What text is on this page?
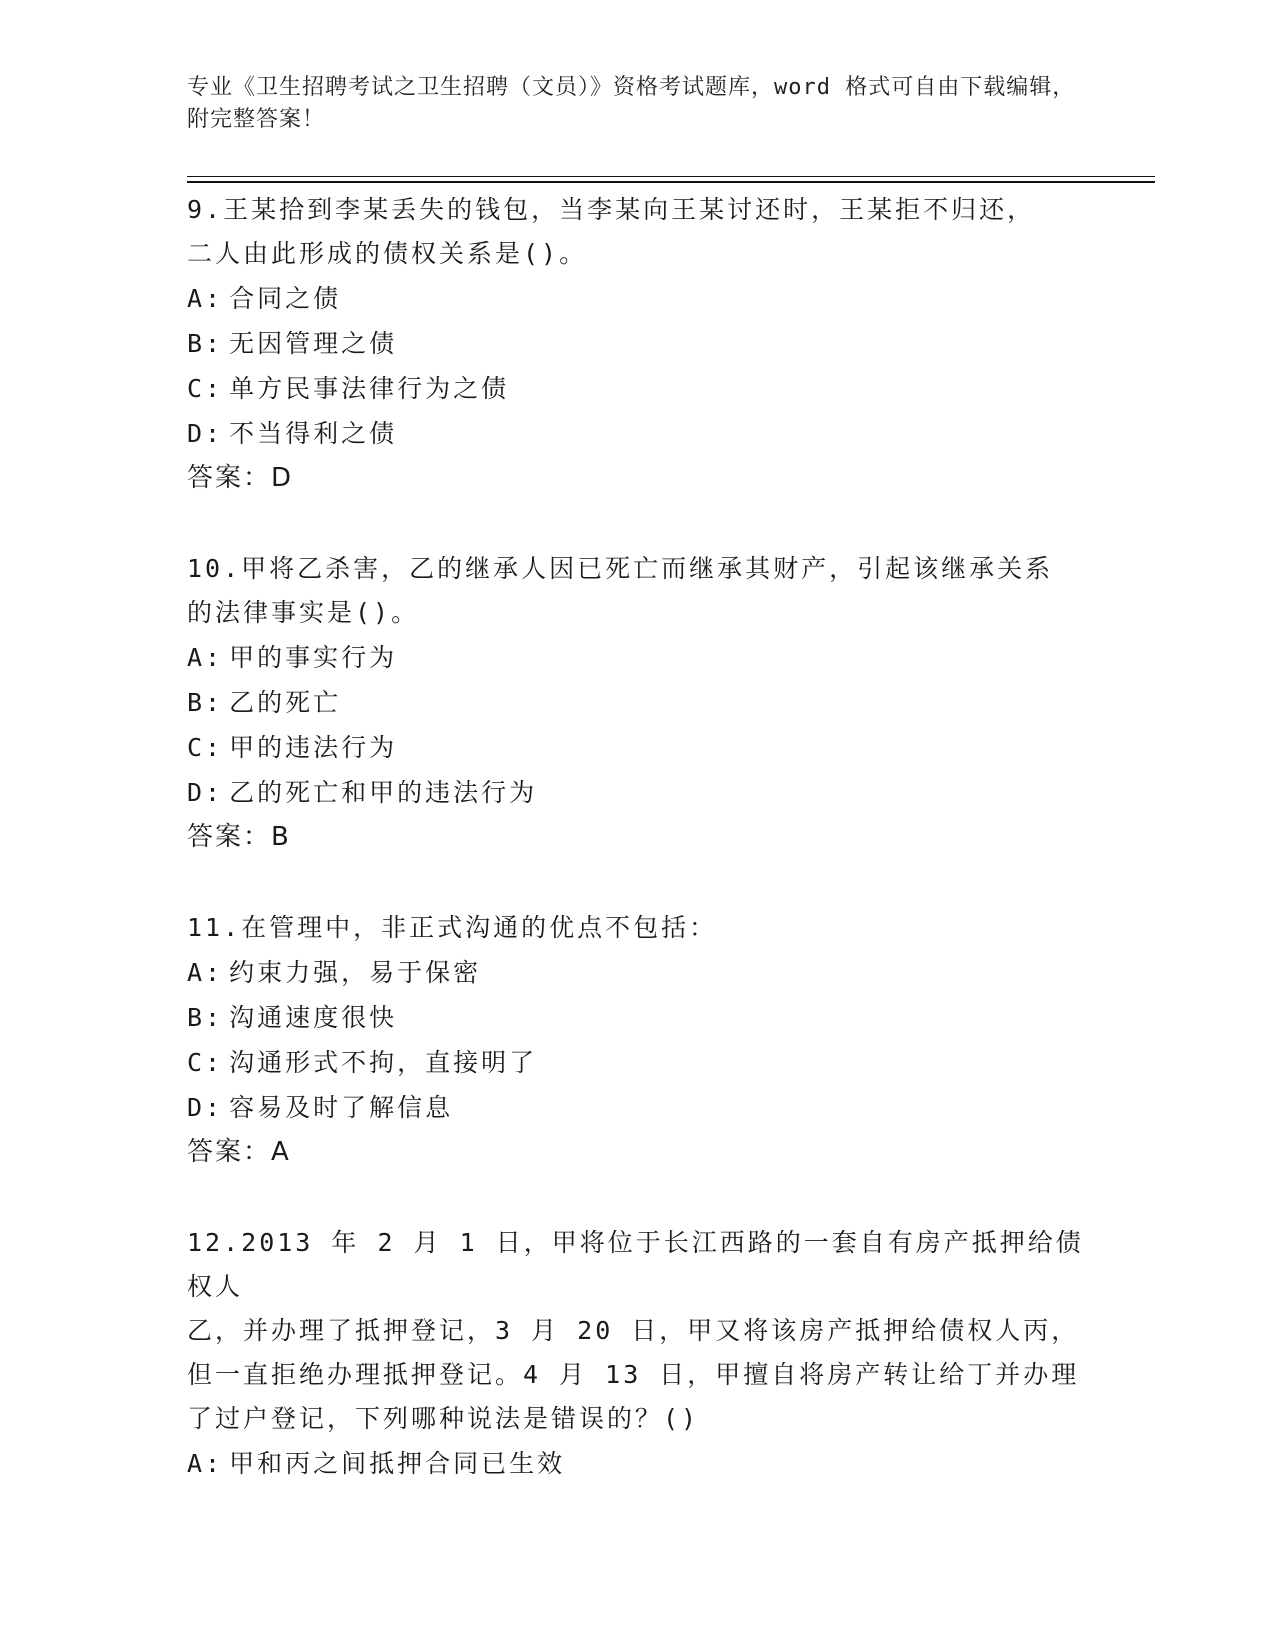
专业《卫生招聘考试之卫生招聘（文员）》资格考试题库，word 格式可自由下载编辑，附完整答案！
9.王某拾到李某丢失的钱包，当李某向王某讨还时，王某拒不归还，
二人由此形成的债权关系是()。
A: 合同之债
B: 无因管理之债
C: 单方民事法律行为之债
D: 不当得利之债
答案：D
10.甲将乙杀害，乙的继承人因已死亡而继承其财产，引起该继承关系
的法律事实是()。
A: 甲的事实行为
B: 乙的死亡
C: 甲的违法行为
D: 乙的死亡和甲的违法行为
答案：B
11.在管理中，非正式沟通的优点不包括：
A: 约束力强，易于保密
B: 沟通速度很快
C: 沟通形式不拘，直接明了
D: 容易及时了解信息
答案：A
12.2013 年 2 月 1 日，甲将位于长江西路的一套自有房产抵押给债权人
乙，并办理了抵押登记，3 月 20 日，甲又将该房产抵押给债权人丙，
但一直拒绝办理抵押登记。4 月 13 日，甲擅自将房产转让给丁并办理
了过户登记，下列哪种说法是错误的？()
A: 甲和丙之间抵押合同已生效
